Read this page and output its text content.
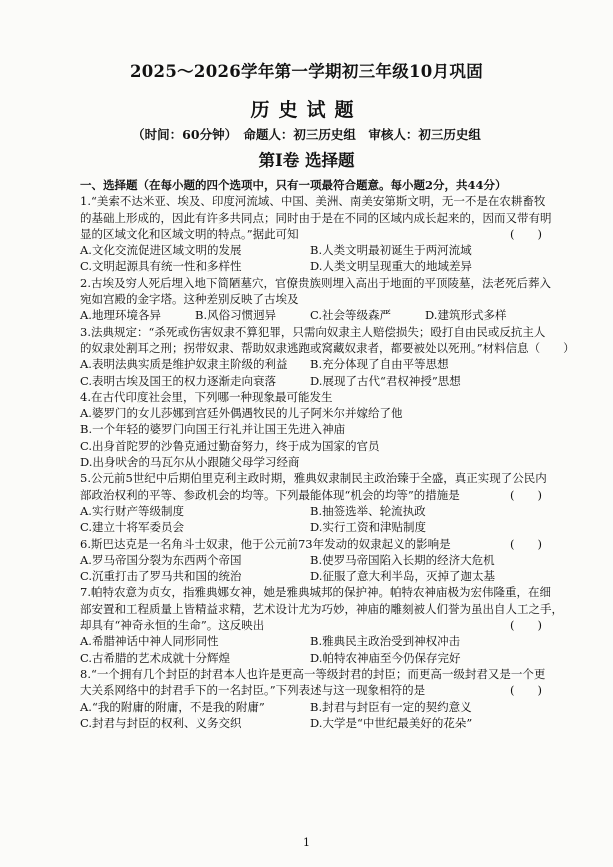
2025～2026学年第一学期初三年级10月巩固
历史试题
（时间：60分钟）　命题人：初三历史组　审核人：初三历史组
第Ⅰ卷 选择题
一、选择题（在每小题的四个选项中，只有一项最符合题意。每小题2分，共44分）
1.“美索不达米亚、埃及、印度河流域、中国、美洲、南美安第斯文明，无一不是在农耕畜牧
的基础上形成的，因此有许多共同点；同时由于是在不同的区域内成长起来的，因而又带有明
显的区域文化和区域文明的特点。”据此可知	(　　)
A.文化交流促进区域文明的发展	B.人类文明最初诞生于两河流域
C.文明起源具有统一性和多样性	D.人类文明呈现重大的地域差异
2.古埃及穷人死后埋入地下简陋墓穴，官僚贵族则埋入高出于地面的平顶陵墓，法老死后葬入
宛如宫殿的金字塔。这种差别反映了古埃及
A.地理环境各异	B.风俗习惯迥异	C.社会等级森严	D.建筑形式多样
3.法典规定：“杀死或伤害奴隶不算犯罪，只需向奴隶主人赔偿损失；殴打自由民或反抗主人
的奴隶处割耳之刑；拐带奴隶、帮助奴隶逃跑或窝藏奴隶者，都要被处以死刑。”材料信息（　　）
A.表明法典实质是维护奴隶主阶级的利益	B.充分体现了自由平等思想
C.表明古埃及国王的权力逐渐走向衰落	D.展现了古代“君权神授”思想
4.在古代印度社会里，下列哪一种现象最可能发生
A.婆罗门的女儿莎娜到宫廷外偶遇牧民的儿子阿米尔并嫁给了他
B.一个年轻的婆罗门向国王行礼并让国王先进入神庙
C.出身首陀罗的沙鲁克通过勤奋努力，终于成为国家的官员
D.出身吠舍的马瓦尔从小跟随父母学习经商
5.公元前5世纪中后期伯里克利主政时期，雅典奴隶制民主政治臻于全盛，真正实现了公民内
部政治权利的平等、参政机会的均等。下列最能体现“机会的均等”的措施是	(　　)
A.实行财产等级制度	B.抽签选举、轮流执政
C.建立十将军委员会	D.实行工资和津贴制度
6.斯巴达克是一名角斗士奴隶，他于公元前73年发动的奴隶起义的影响是	(　　)
A.罗马帝国分裂为东西两个帝国	B.使罗马帝国陷入长期的经济大危机
C.沉重打击了罗马共和国的统治	D.征服了意大利半岛，灭掉了迦太基
7.帕特农意为贞女，指雅典娜女神，她是雅典城邦的保护神。帕特农神庙极为宏伟隆重，在细
部安置和工程质量上皆精益求精，艺术设计尤为巧妙，神庙的雕刻被人们誉为虽出自人工之手，
却具有“神奇永恒的生命”。这反映出	(　　)
A.希腊神话中神人同形同性	B.雅典民主政治受到神权冲击
C.古希腊的艺术成就十分辉煌	D.帕特农神庙至今仍保存完好
8.“一个拥有几个封臣的封君本人也许是更高一等级封君的封臣；而更高一级封君又是一个更
大关系网络中的封君手下的一名封臣。”下列表述与这一现象相符的是	(　　)
A.“我的附庸的附庸，不是我的附庸”	B.封君与封臣有一定的契约意义
C.封君与封臣的权利、义务交织	D.大学是“中世纪最美好的花朵”
1
